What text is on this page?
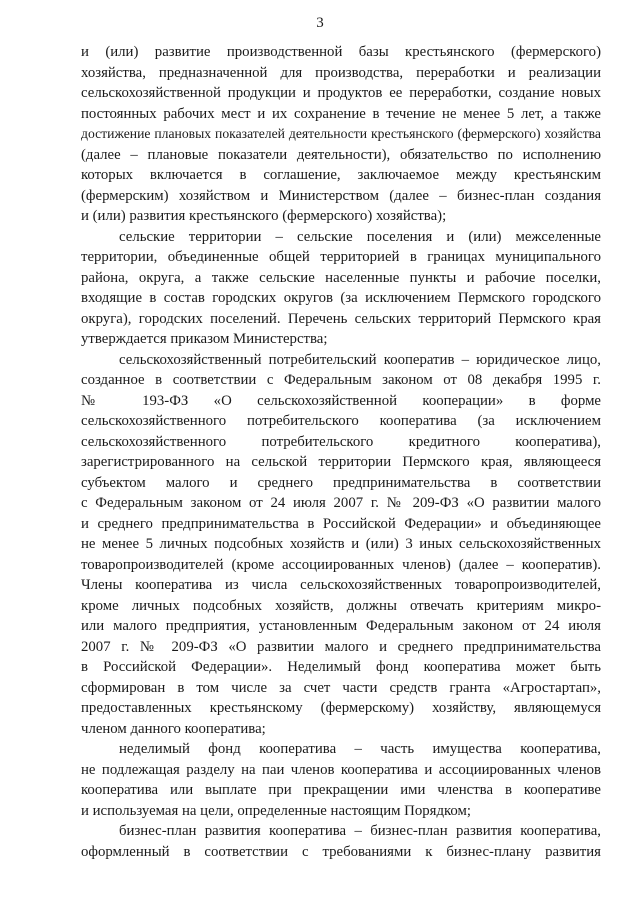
3
и (или) развитие производственной базы крестьянского (фермерского)
хозяйства, предназначенной для производства, переработки и реализации
сельскохозяйственной продукции и продуктов ее переработки, создание новых
постоянных рабочих мест и их сохранение в течение не менее 5 лет, а также
достижение плановых показателей деятельности крестьянского (фермерского) хозяйства
(далее – плановые показатели деятельности), обязательство по исполнению
которых включается в соглашение, заключаемое между крестьянским
(фермерским) хозяйством и Министерством (далее – бизнес-план создания
и (или) развития крестьянского (фермерского) хозяйства);
сельские территории – сельские поселения и (или) межселенные
территории, объединенные общей территорией в границах муниципального
района, округа, а также сельские населенные пункты и рабочие поселки,
входящие в состав городских округов (за исключением Пермского городского
округа), городских поселений. Перечень сельских территорий Пермского края
утверждается приказом Министерства;
сельскохозяйственный потребительский кооператив – юридическое лицо,
созданное в соответствии с Федеральным законом от 08 декабря 1995 г.
№ 193-ФЗ «О сельскохозяйственной кооперации» в форме
сельскохозяйственного потребительского кооператива (за исключением
сельскохозяйственного потребительского кредитного кооператива),
зарегистрированного на сельской территории Пермского края, являющееся
субъектом малого и среднего предпринимательства в соответствии
с Федеральным законом от 24 июля 2007 г. № 209-ФЗ «О развитии малого
и среднего предпринимательства в Российской Федерации» и объединяющее
не менее 5 личных подсобных хозяйств и (или) 3 иных сельскохозяйственных
товаропроизводителей (кроме ассоциированных членов) (далее – кооператив).
Члены кооператива из числа сельскохозяйственных товаропроизводителей,
кроме личных подсобных хозяйств, должны отвечать критериям микро-
или малого предприятия, установленным Федеральным законом от 24 июля
2007 г. № 209-ФЗ «О развитии малого и среднего предпринимательства
в Российской Федерации». Неделимый фонд кооператива может быть
сформирован в том числе за счет части средств гранта «Агростартап»,
предоставленных крестьянскому (фермерскому) хозяйству, являющемуся
членом данного кооператива;
неделимый фонд кооператива – часть имущества кооператива,
не подлежащая разделу на паи членов кооператива и ассоциированных членов
кооператива или выплате при прекращении ими членства в кооперативе
и используемая на цели, определенные настоящим Порядком;
бизнес-план развития кооператива – бизнес-план развития кооператива,
оформленный в соответствии с требованиями к бизнес-плану развития
